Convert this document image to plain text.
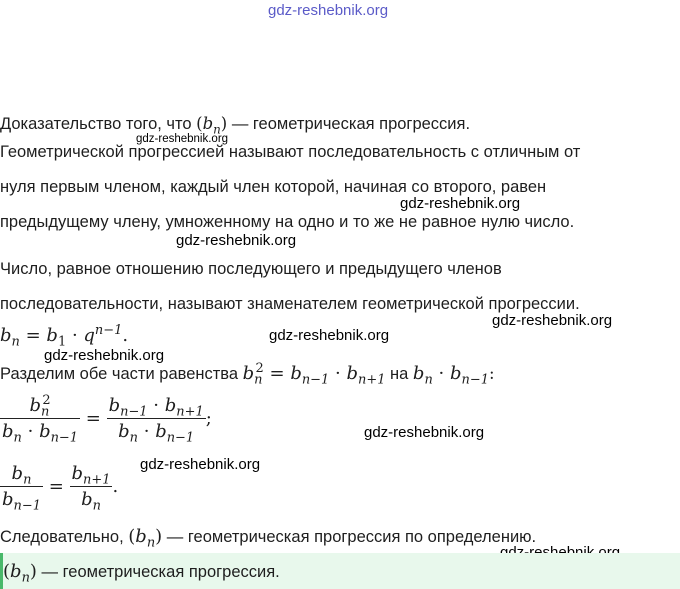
gdz-reshebnik.org
Доказательство того, что $(b_n)$ — геометрическая прогрессия.
gdz-reshebnik.org
Геометрической прогрессией называют последовательность с отличным от
нуля первым членом, каждый член которой, начиная со второго, равен
gdz-reshebnik.org
предыдущему члену, умноженному на одно и то же не равное нулю число.
gdz-reshebnik.org
Число, равное отношению последующего и предыдущего членов
последовательности, называют знаменателем геометрической прогрессии.
gdz-reshebnik.org
$b_n = b_1 \cdot q^{n-1}$.	gdz-reshebnik.org
gdz-reshebnik.org
Разделим обе части равенства $b_n^2 = b_{n-1} \cdot b_{n+1}$ на $b_n \cdot b_{n-1}$:
$\frac{b_n^2}{b_n \cdot b_{n-1}} = \frac{b_{n-1} \cdot b_{n+1}}{b_n \cdot b_{n-1}}$ ;
gdz-reshebnik.org
gdz-reshebnik.org
$\frac{b_n}{b_{n-1}} = \frac{b_{n+1}}{b_n}$ .
Следовательно, $(b_n)$ — геометрическая прогрессия по определению.
$(b_n)$ — геометрическая прогрессия.
